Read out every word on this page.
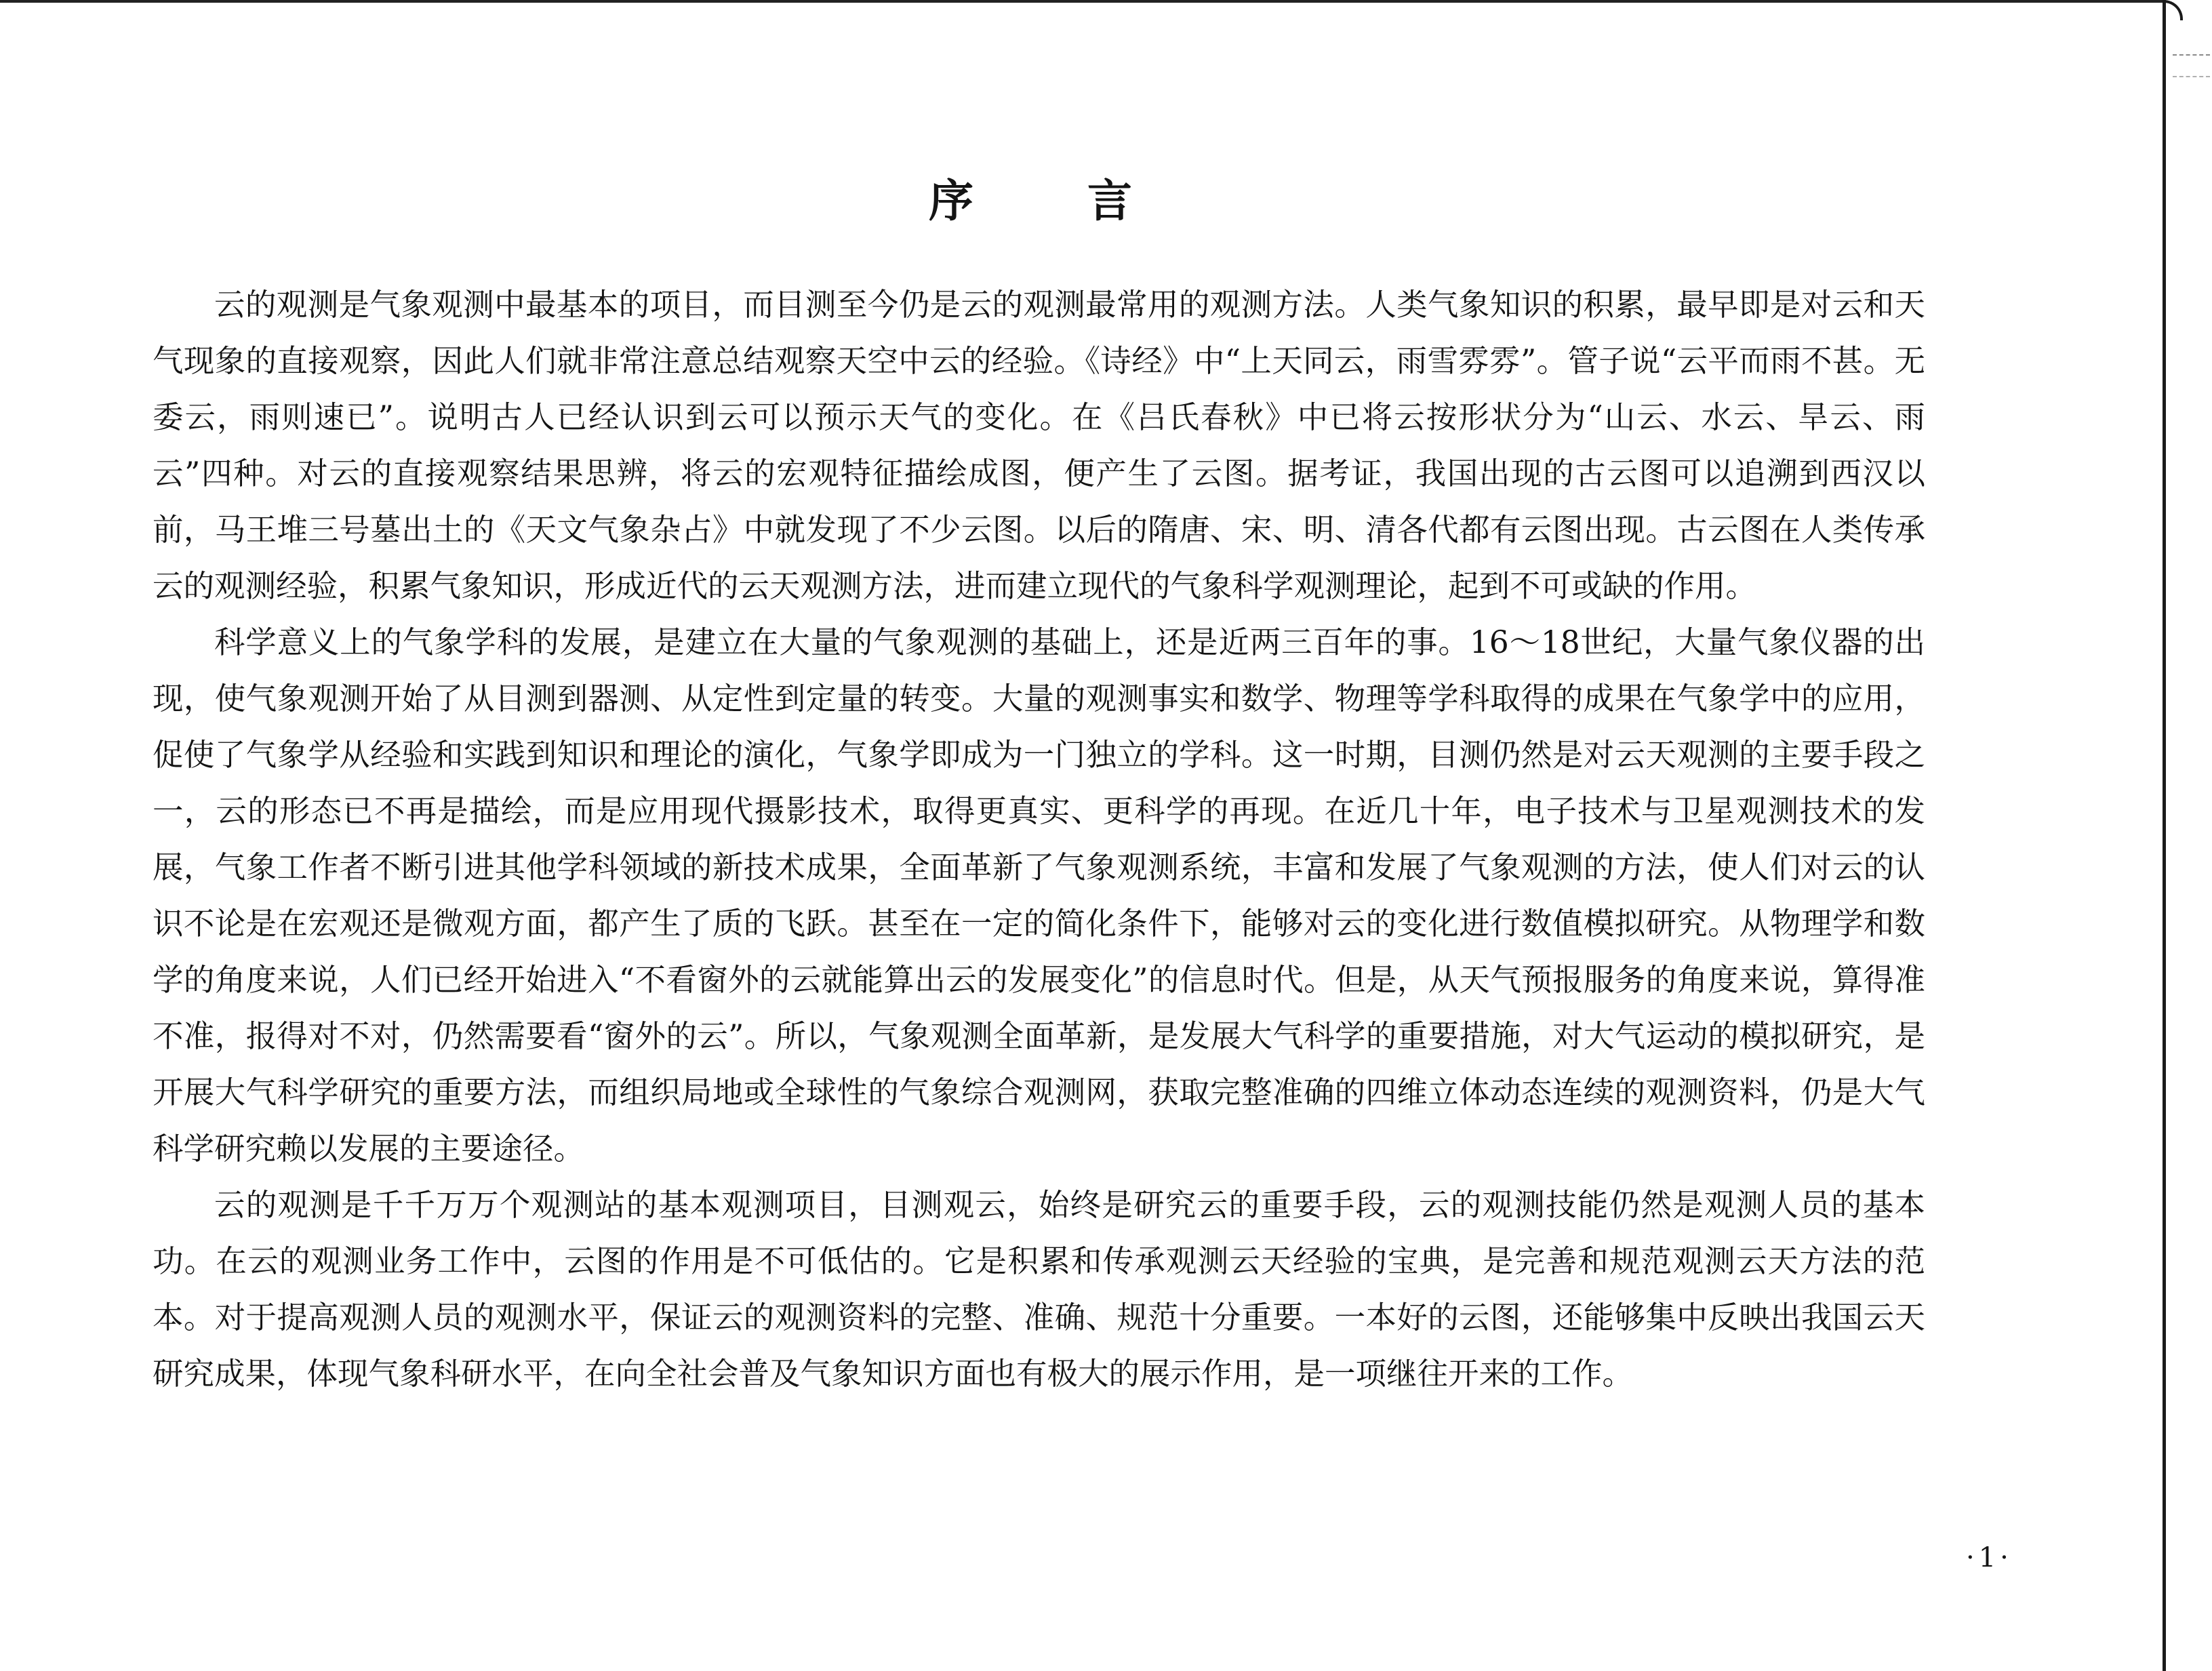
序	言

云的观测是气象观测中最基本的项目，而目测至今仍是云的观测最常用的观测方法。人类气象知识的积累，最早即是对云和天气现象的直接观察，因此人们就非常注意总结观察天空中云的经验。《诗经》中“上天同云，雨雪雰雰”。管子说“云平而雨不甚。无委云，雨则速已”。说明古人已经认识到云可以预示天气的变化。在《吕氏春秋》中已将云按形状分为“山云、水云、旱云、雨云”四种。对云的直接观察结果思辨，将云的宏观特征描绘成图，便产生了云图。据考证，我国出现的古云图可以追溯到西汉以前，马王堆三号墓出土的《天文气象杂占》中就发现了不少云图。以后的隋唐、宋、明、清各代都有云图出现。古云图在人类传承云的观测经验，积累气象知识，形成近代的云天观测方法，进而建立现代的气象科学观测理论，起到不可或缺的作用。

科学意义上的气象学科的发展，是建立在大量的气象观测的基础上，还是近两三百年的事。16～18世纪，大量气象仪器的出现，使气象观测开始了从目测到器测、从定性到定量的转变。大量的观测事实和数学、物理等学科取得的成果在气象学中的应用，促使了气象学从经验和实践到知识和理论的演化，气象学即成为一门独立的学科。这一时期，目测仍然是对云天观测的主要手段之一，云的形态已不再是描绘，而是应用现代摄影技术，取得更真实、更科学的再现。在近几十年，电子技术与卫星观测技术的发展，气象工作者不断引进其他学科领域的新技术成果，全面革新了气象观测系统，丰富和发展了气象观测的方法，使人们对云的认识不论是在宏观还是微观方面，都产生了质的飞跃。甚至在一定的简化条件下，能够对云的变化进行数值模拟研究。从物理学和数学的角度来说，人们已经开始进入“不看窗外的云就能算出云的发展变化”的信息时代。但是，从天气预报服务的角度来说，算得准不准，报得对不对，仍然需要看“窗外的云”。所以，气象观测全面革新，是发展大气科学的重要措施，对大气运动的模拟研究，是开展大气科学研究的重要方法，而组织局地或全球性的气象综合观测网，获取完整准确的四维立体动态连续的观测资料，仍是大气科学研究赖以发展的主要途径。

云的观测是千千万万个观测站的基本观测项目，目测观云，始终是研究云的重要手段，云的观测技能仍然是观测人员的基本功。在云的观测业务工作中，云图的作用是不可低估的。它是积累和传承观测云天经验的宝典，是完善和规范观测云天方法的范本。对于提高观测人员的观测水平，保证云的观测资料的完整、准确、规范十分重要。一本好的云图，还能够集中反映出我国云天研究成果，体现气象科研水平，在向全社会普及气象知识方面也有极大的展示作用，是一项继往开来的工作。

·1·
